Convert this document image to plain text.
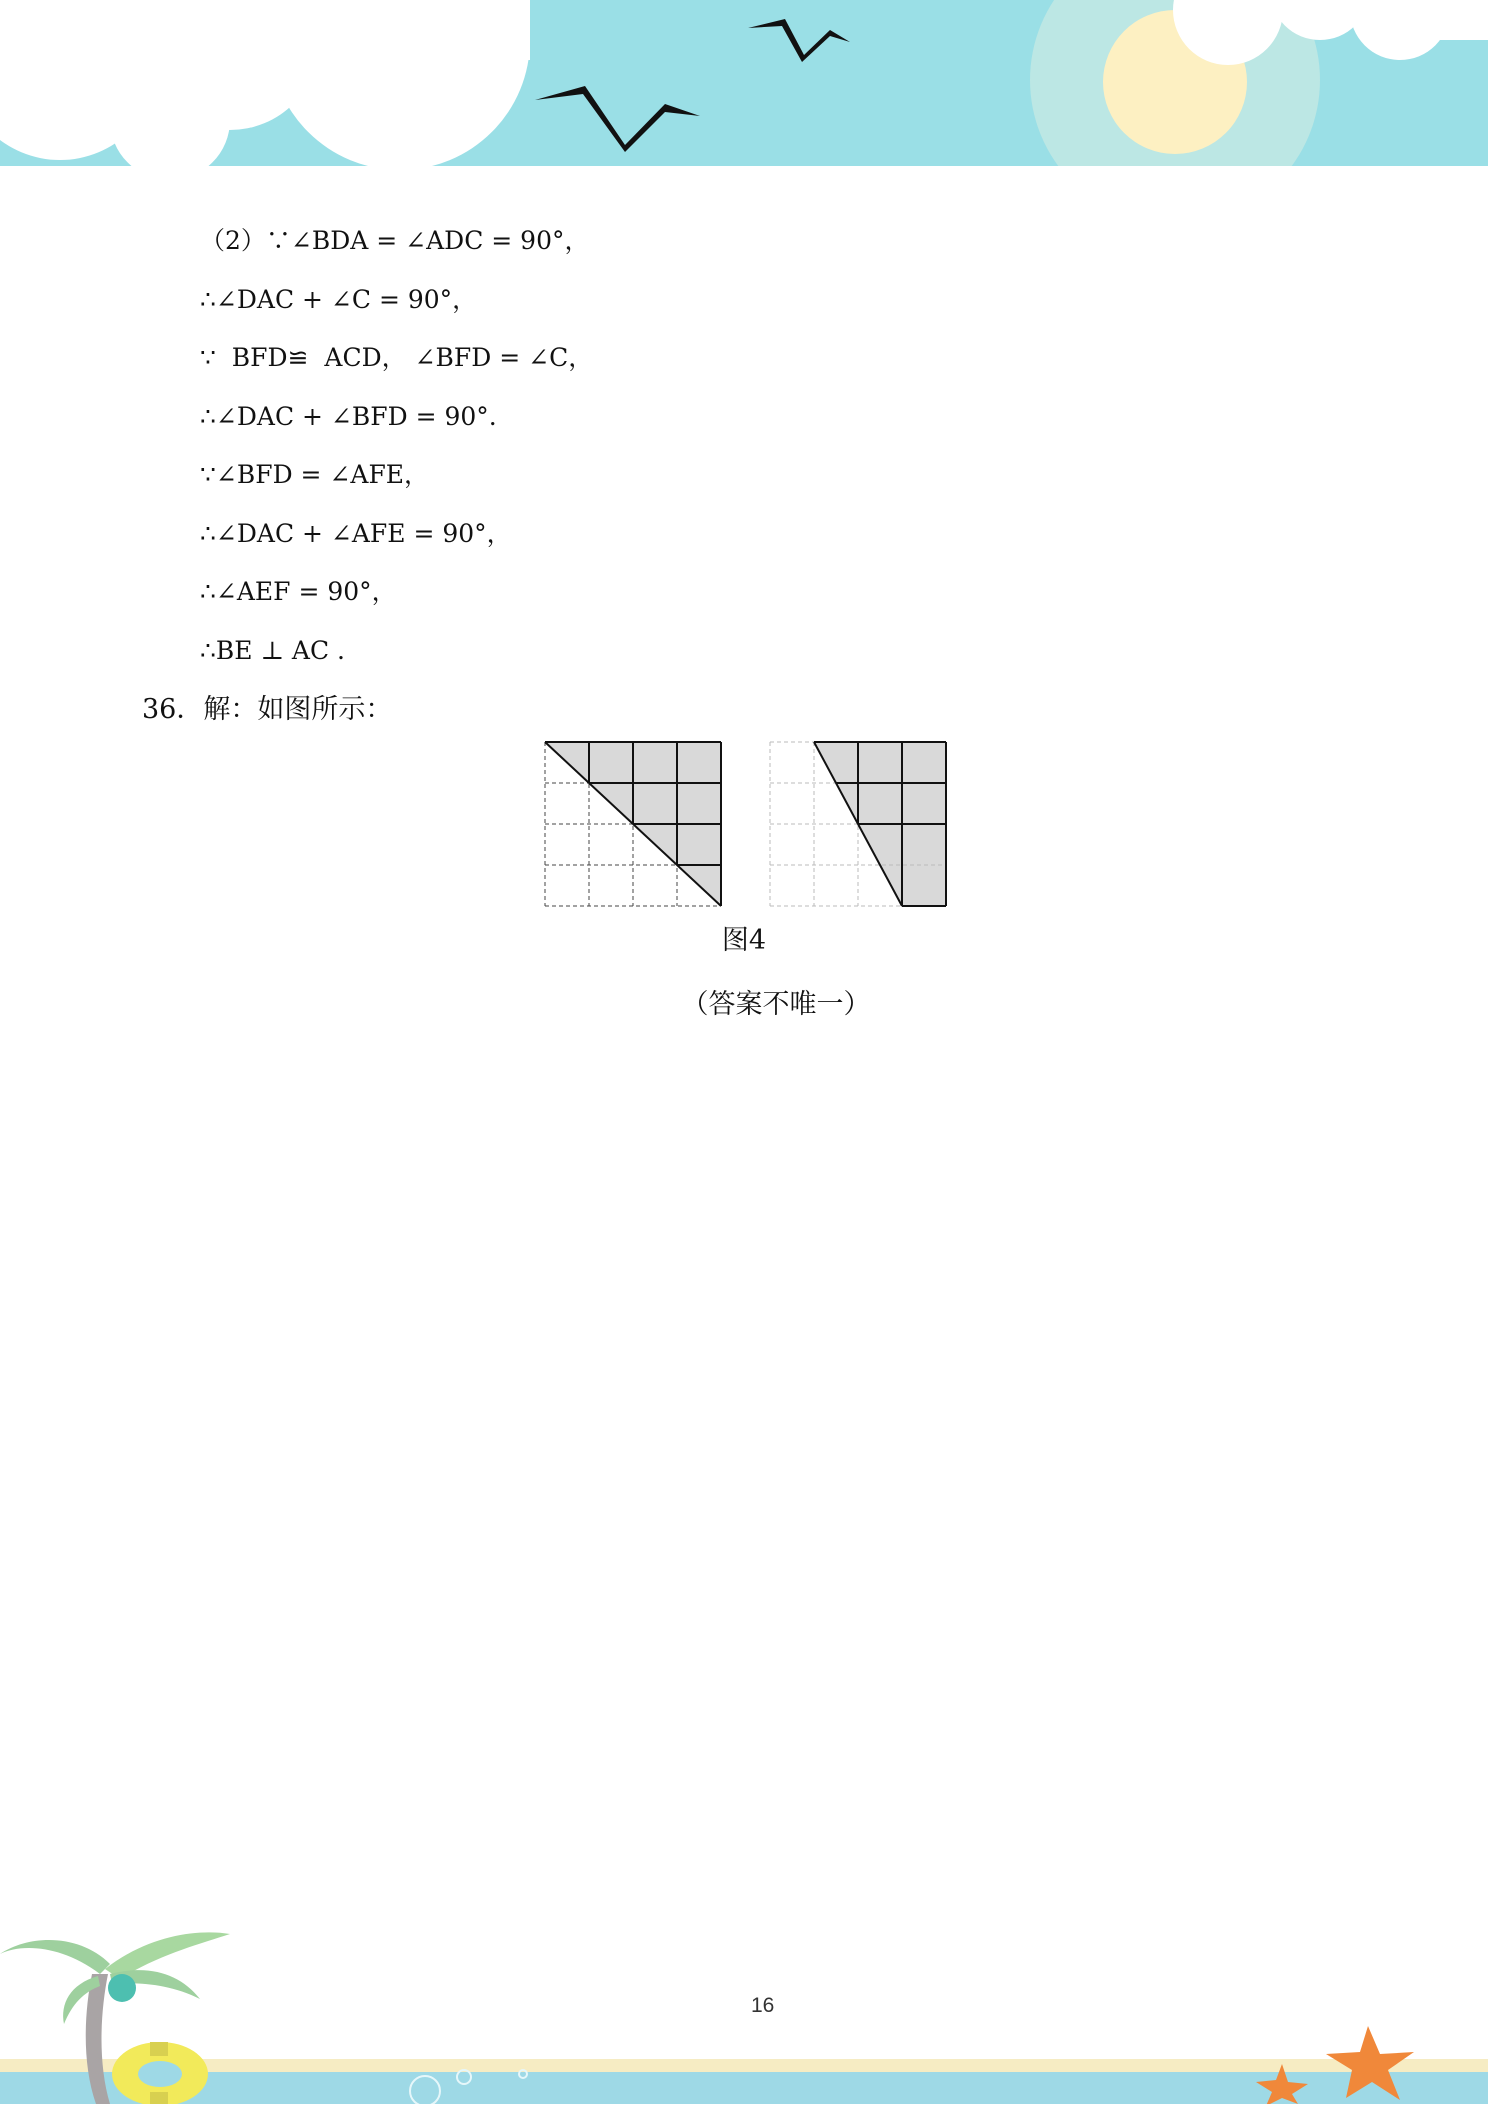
（2）∵∠BDA = ∠ADC = 90°，
∴∠DAC + ∠C = 90°，
∵  BFD≌  ACD， ∠BFD = ∠C，
∴∠DAC + ∠BFD = 90°.
∵∠BFD = ∠AFE，
∴∠DAC + ∠AFE = 90°，
∴∠AEF = 90°，
∴BE ⊥ AC .
36．解：如图所示：
图4
（答案不唯一）
16
